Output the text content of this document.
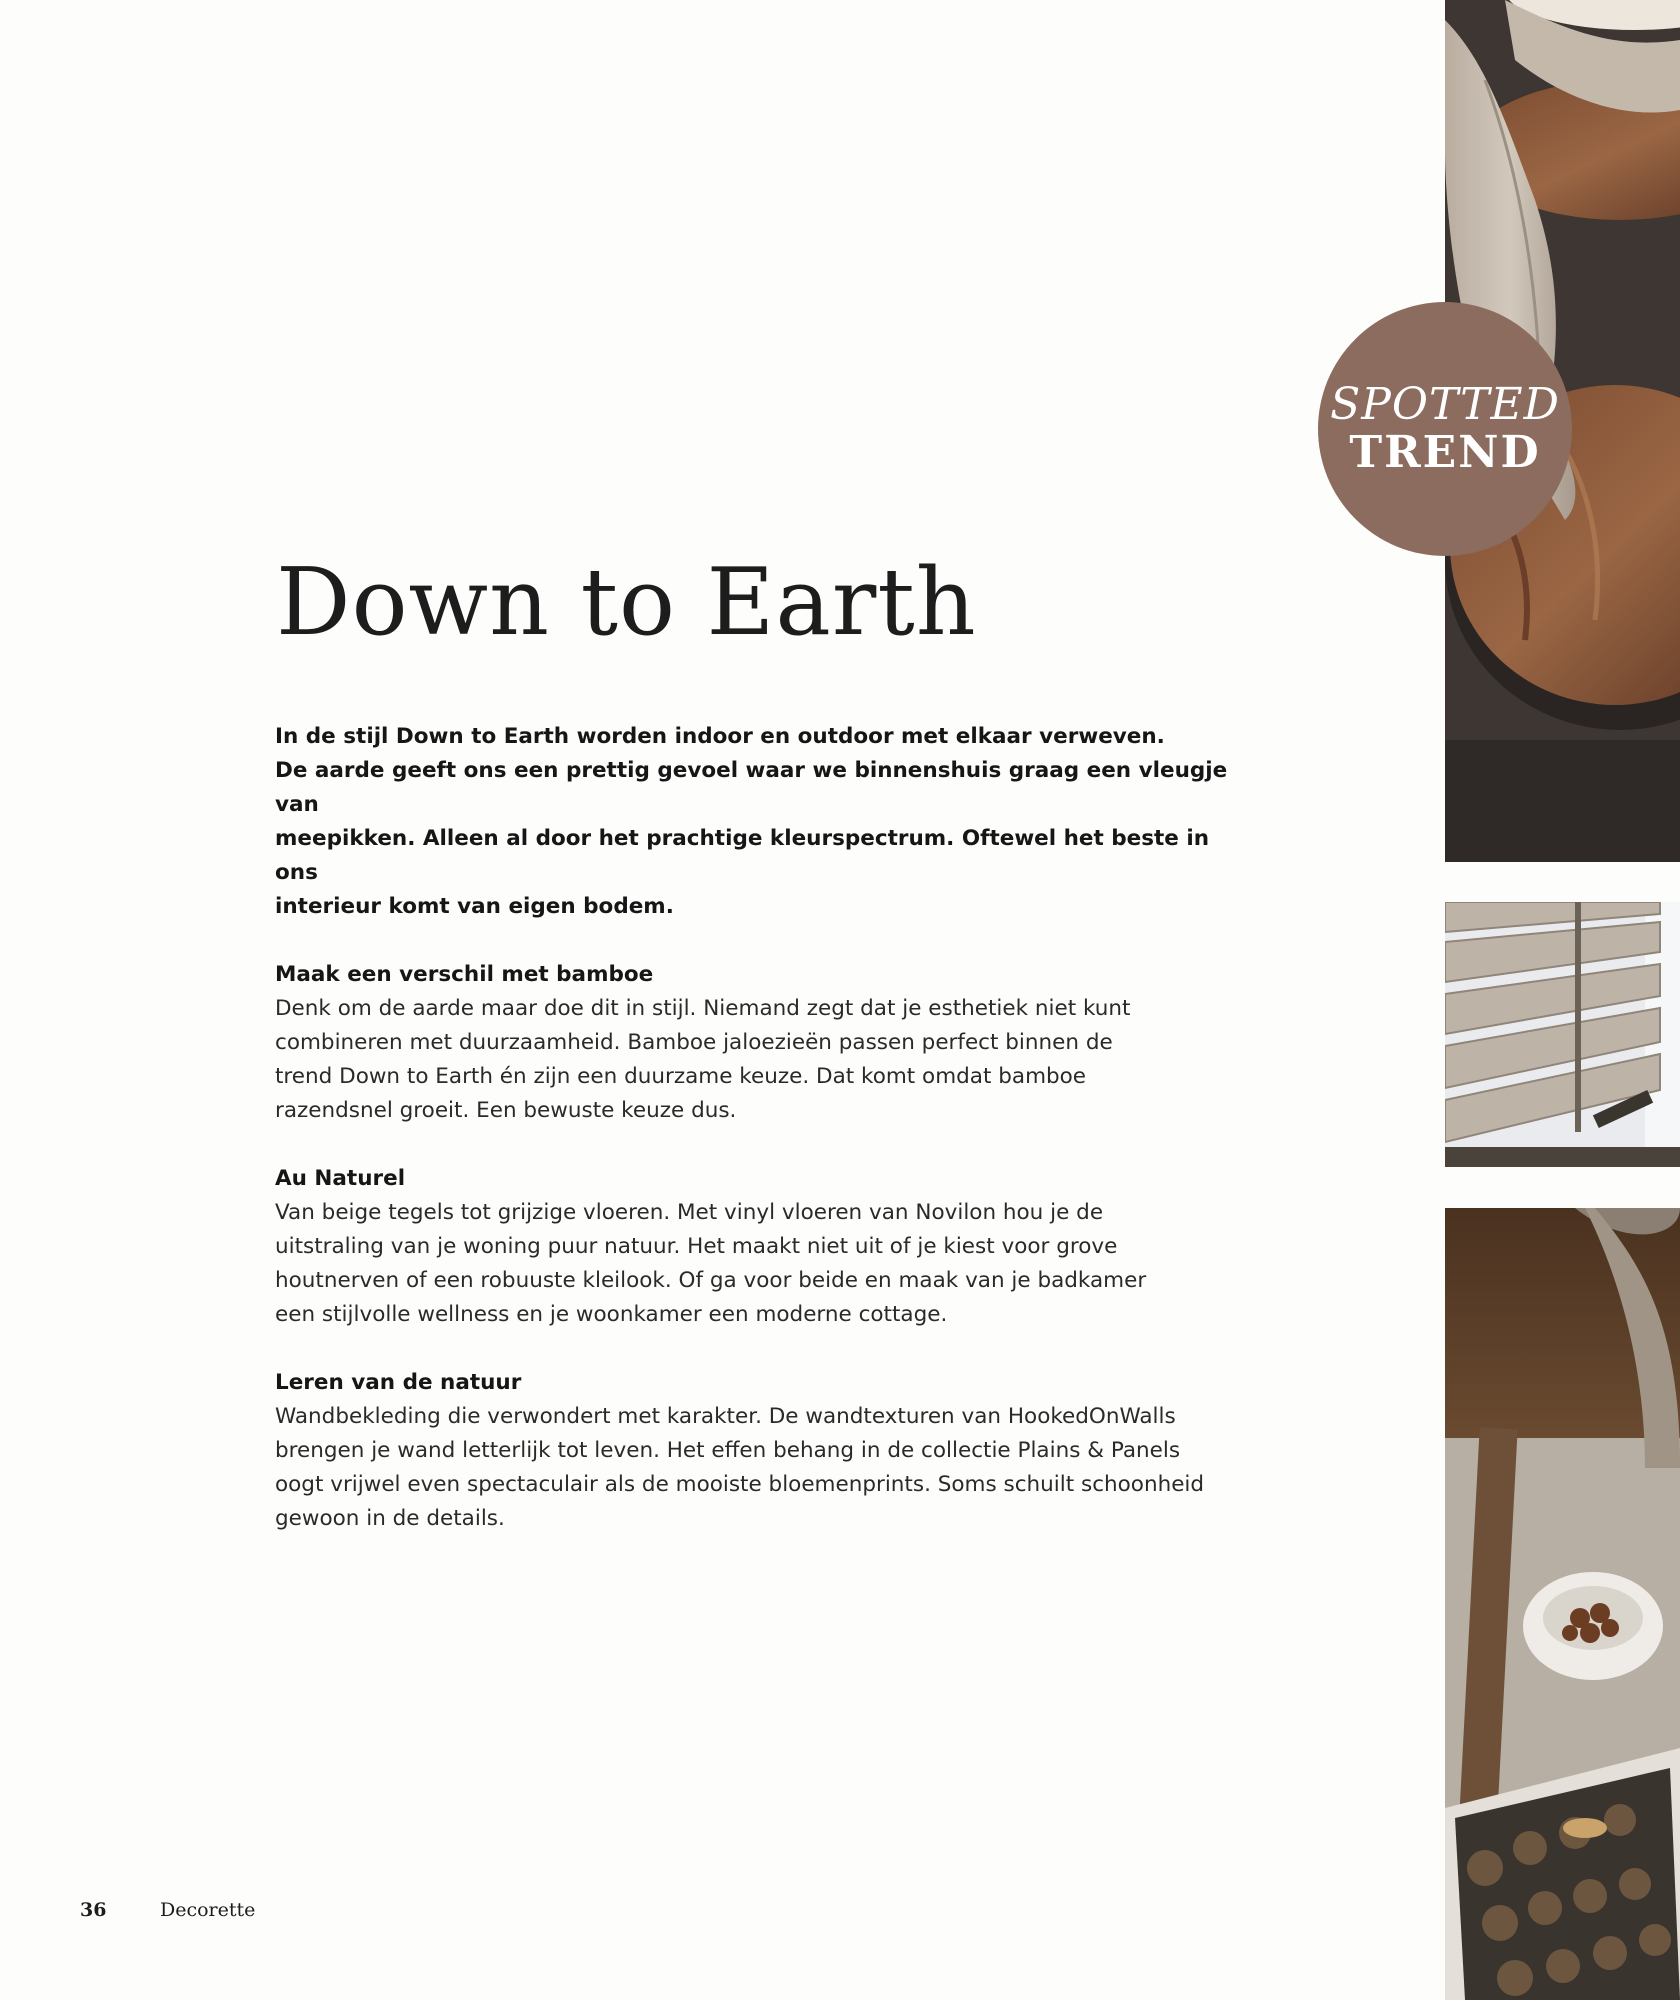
SPOTTED
TREND
Down to Earth

In de stijl Down to Earth worden indoor en outdoor met elkaar verweven.

De aarde geeft ons een prettig gevoel waar we binnenshuis graag een vleugje van

meepikken. Alleen al door het prachtige kleurspectrum. Oftewel het beste in ons

interieur komt van eigen bodem.

Maak een verschil met bamboe

Denk om de aarde maar doe dit in stijl. Niemand zegt dat je esthetiek niet kunt

combineren met duurzaamheid. Bamboe jaloezieën passen perfect binnen de

trend Down to Earth én zijn een duurzame keuze. Dat komt omdat bamboe

razendsnel groeit. Een bewuste keuze dus.

Au Naturel

Van beige tegels tot grijzige vloeren. Met vinyl vloeren van Novilon hou je de

uitstraling van je woning puur natuur. Het maakt niet uit of je kiest voor grove

houtnerven of een robuuste kleilook. Of ga voor beide en maak van je badkamer

een stijlvolle wellness en je woonkamer een moderne cottage.

Leren van de natuur

Wandbekleding die verwondert met karakter. De wandtexturen van HookedOnWalls

brengen je wand letterlijk tot leven. Het effen behang in de collectie Plains & Panels

oogt vrijwel even spectaculair als de mooiste bloemenprints. Soms schuilt schoonheid

gewoon in de details.

36	Decorette
